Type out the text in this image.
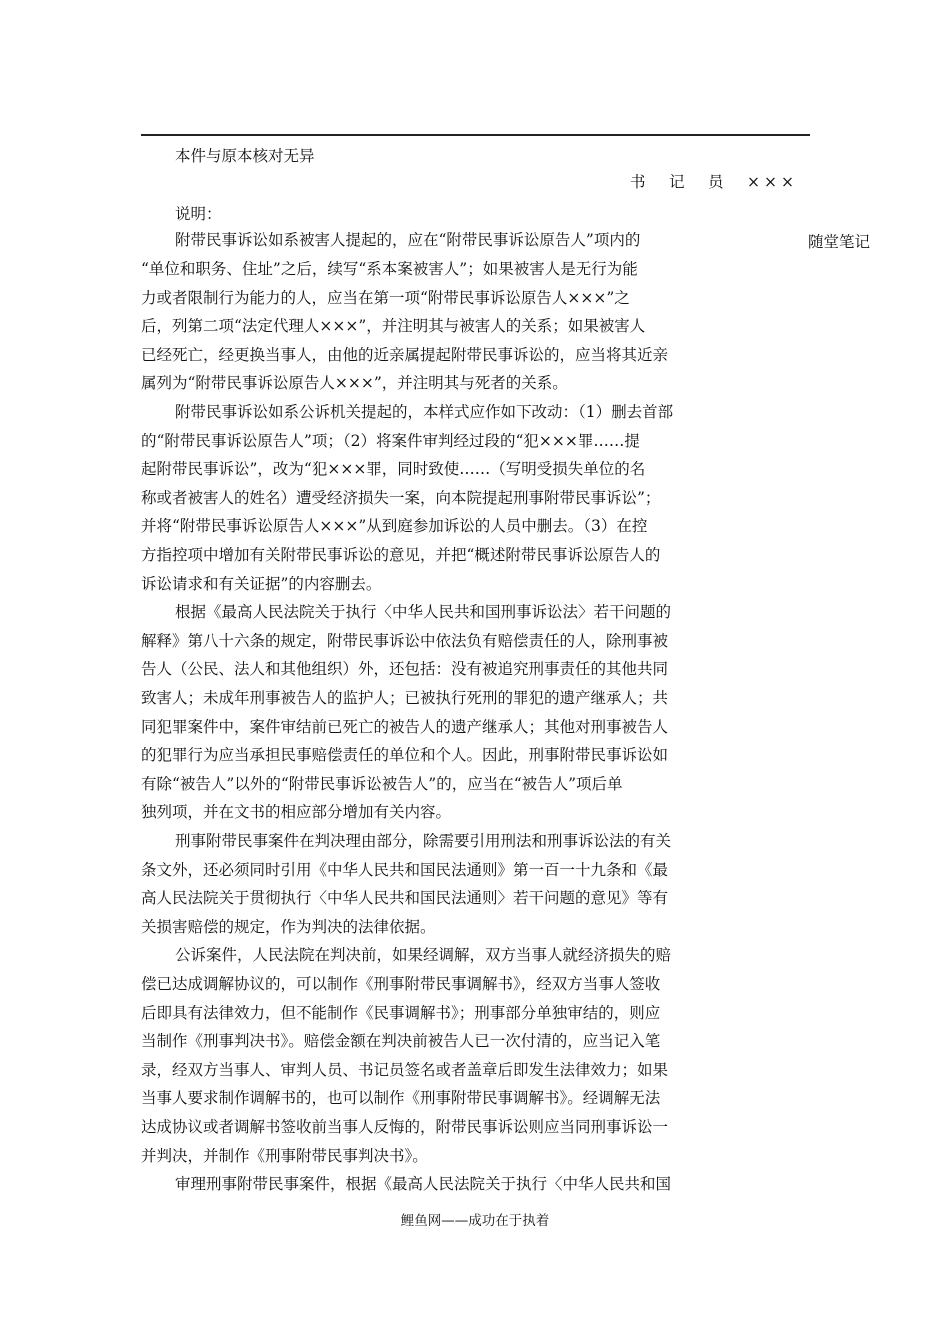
本件与原本核对无异
书　记　员　×××
说明：
随堂笔记
附带民事诉讼如系被害人提起的，应在“附带民事诉讼原告人”项内的
“单位和职务、住址”之后，续写“系本案被害人”；如果被害人是无行为能
力或者限制行为能力的人，应当在第一项“附带民事诉讼原告人×××”之
后，列第二项“法定代理人×××”，并注明其与被害人的关系；如果被害人
已经死亡，经更换当事人，由他的近亲属提起附带民事诉讼的，应当将其近亲
属列为“附带民事诉讼原告人×××”，并注明其与死者的关系。
附带民事诉讼如系公诉机关提起的，本样式应作如下改动：（1）删去首部
的“附带民事诉讼原告人”项；（2）将案件审判经过段的“犯×××罪……提
起附带民事诉讼”，改为“犯×××罪，同时致使……（写明受损失单位的名
称或者被害人的姓名）遭受经济损失一案，向本院提起刑事附带民事诉讼”；
并将“附带民事诉讼原告人×××”从到庭参加诉讼的人员中删去。（3）在控
方指控项中增加有关附带民事诉讼的意见，并把“概述附带民事诉讼原告人的
诉讼请求和有关证据”的内容删去。
根据《最高人民法院关于执行〈中华人民共和国刑事诉讼法〉若干问题的
解释》第八十六条的规定，附带民事诉讼中依法负有赔偿责任的人，除刑事被
告人（公民、法人和其他组织）外，还包括：没有被追究刑事责任的其他共同
致害人；未成年刑事被告人的监护人；已被执行死刑的罪犯的遗产继承人；共
同犯罪案件中，案件审结前已死亡的被告人的遗产继承人；其他对刑事被告人
的犯罪行为应当承担民事赔偿责任的单位和个人。因此，刑事附带民事诉讼如
有除“被告人”以外的“附带民事诉讼被告人”的，应当在“被告人”项后单
独列项，并在文书的相应部分增加有关内容。
刑事附带民事案件在判决理由部分，除需要引用刑法和刑事诉讼法的有关
条文外，还必须同时引用《中华人民共和国民法通则》第一百一十九条和《最
高人民法院关于贯彻执行〈中华人民共和国民法通则〉若干问题的意见》等有
关损害赔偿的规定，作为判决的法律依据。
公诉案件，人民法院在判决前，如果经调解，双方当事人就经济损失的赔
偿已达成调解协议的，可以制作《刑事附带民事调解书》，经双方当事人签收
后即具有法律效力，但不能制作《民事调解书》；刑事部分单独审结的，则应
当制作《刑事判决书》。赔偿金额在判决前被告人已一次付清的，应当记入笔
录，经双方当事人、审判人员、书记员签名或者盖章后即发生法律效力；如果
当事人要求制作调解书的，也可以制作《刑事附带民事调解书》。经调解无法
达成协议或者调解书签收前当事人反悔的，附带民事诉讼则应当同刑事诉讼一
并判决，并制作《刑事附带民事判决书》。
审理刑事附带民事案件，根据《最高人民法院关于执行〈中华人民共和国
鲤鱼网——成功在于执着
